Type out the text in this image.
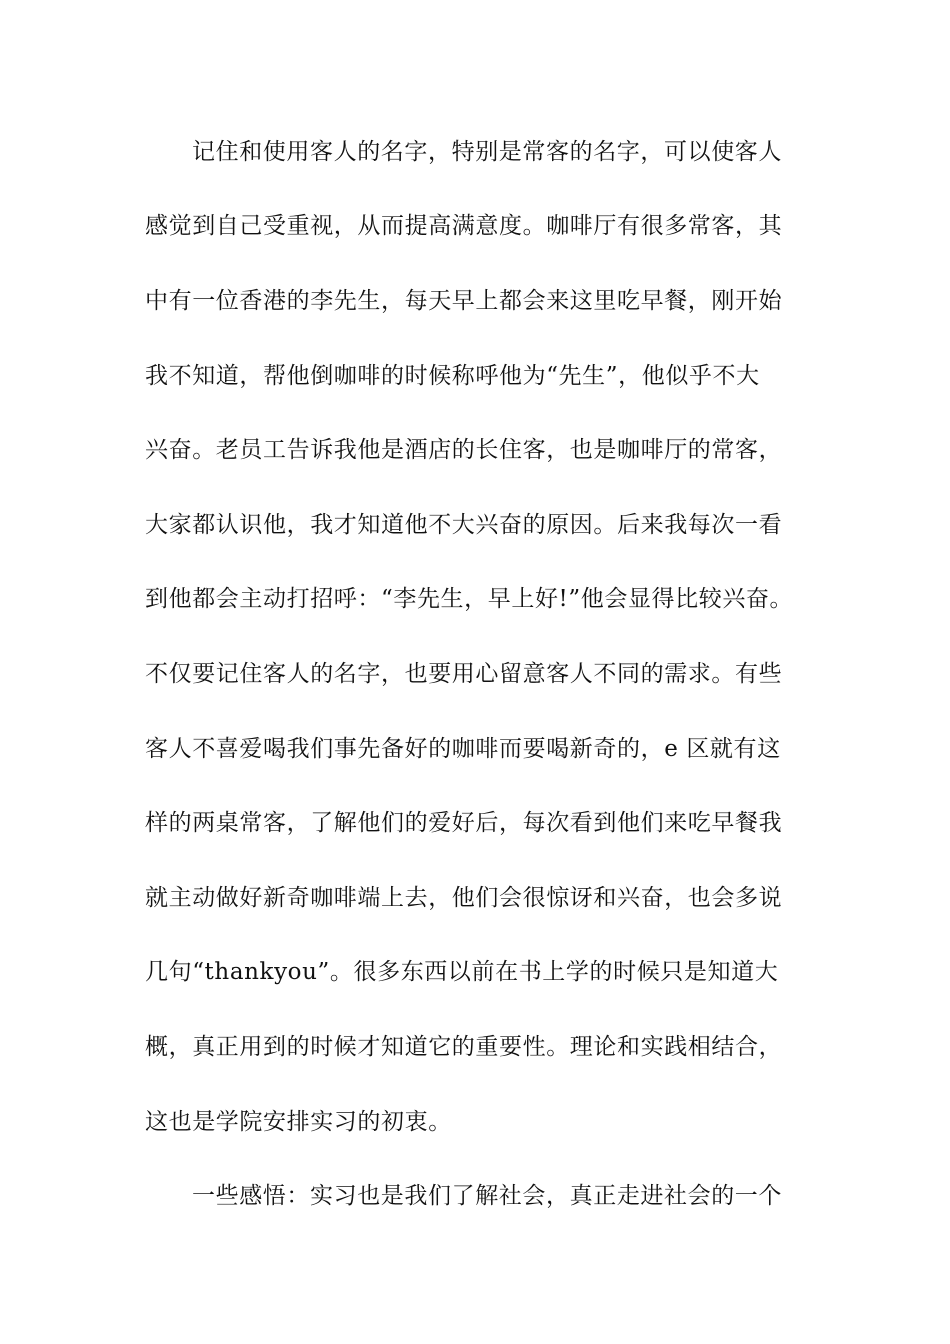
记住和使用客人的名字，特别是常客的名字，可以使客人
感觉到自己受重视，从而提高满意度。咖啡厅有很多常客，其
中有一位香港的李先生，每天早上都会来这里吃早餐，刚开始
我不知道，帮他倒咖啡的时候称呼他为“先生”，他似乎不大
兴奋。老员工告诉我他是酒店的长住客，也是咖啡厅的常客，
大家都认识他，我才知道他不大兴奋的原因。后来我每次一看
到他都会主动打招呼：“李先生，早上好!”他会显得比较兴奋。
不仅要记住客人的名字，也要用心留意客人不同的需求。有些
客人不喜爱喝我们事先备好的咖啡而要喝新奇的，e 区就有这
样的两桌常客，了解他们的爱好后，每次看到他们来吃早餐我
就主动做好新奇咖啡端上去，他们会很惊讶和兴奋，也会多说
几句“thankyou”。很多东西以前在书上学的时候只是知道大
概，真正用到的时候才知道它的重要性。理论和实践相结合，
这也是学院安排实习的初衷。
一些感悟：实习也是我们了解社会，真正走进社会的一个
